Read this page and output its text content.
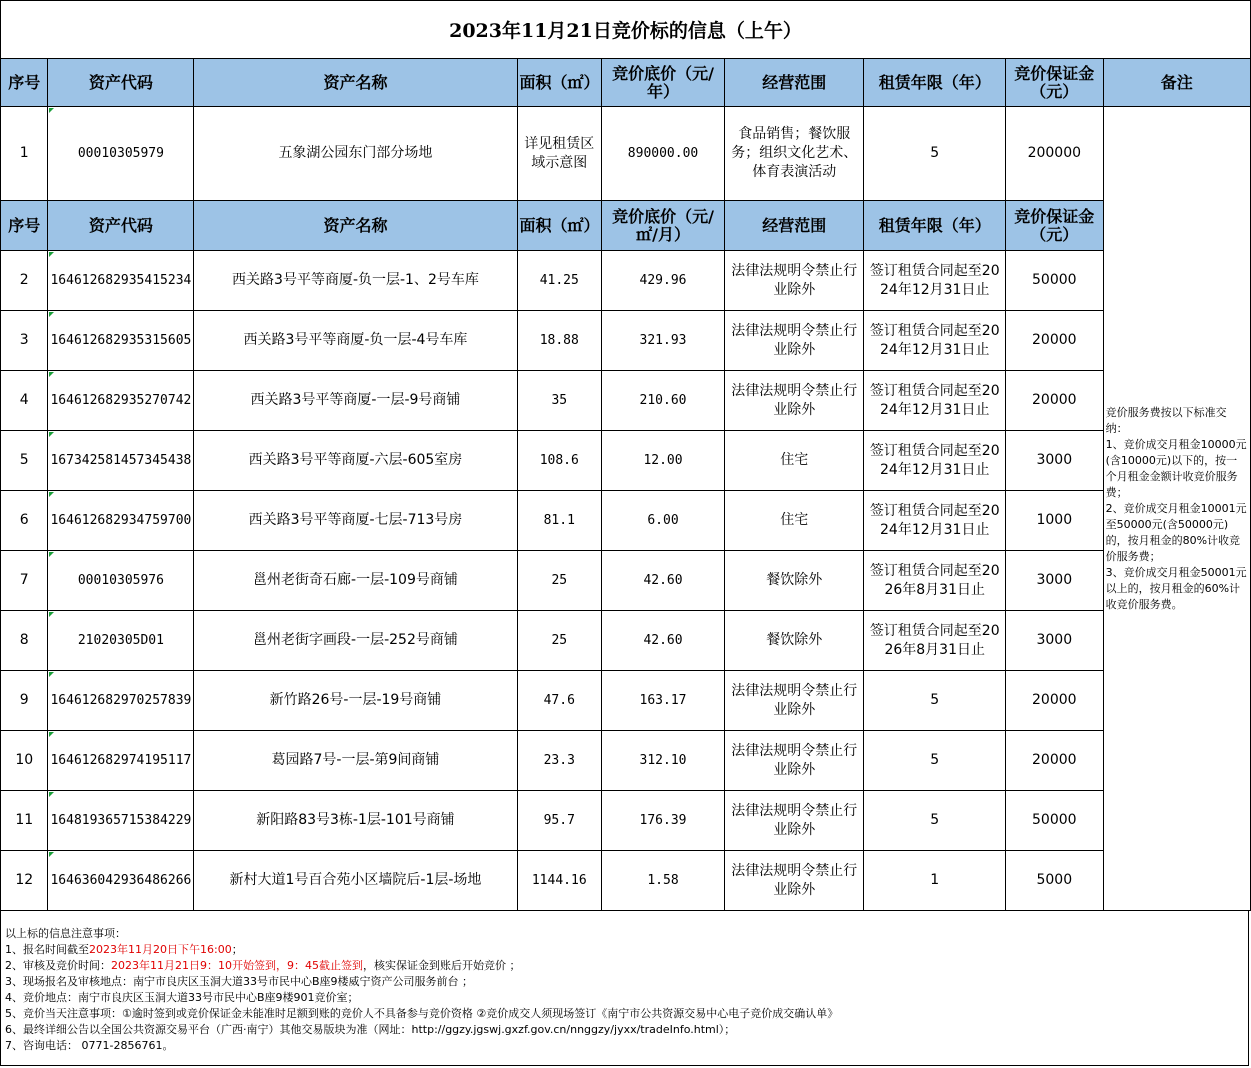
2023年11月21日竞价标的信息（上午）
序号	资产代码	资产名称	面积（㎡）	竞价底价（元/年）	经营范围	租赁年限（年）	竞价保证金（元）	备注
1	00010305979	五象湖公园东门部分场地	详见租赁区域示意图	890000.00	食品销售；餐饮服务；组织文化艺术、体育表演活动	5	200000	竞价服务费按以下标准交纳：
1、竞价成交月租金10000元(含10000元)以下的，按一个月租金金额计收竞价服务费；
2、竞价成交月租金10001元至50000元(含50000元)的，按月租金的80%计收竞价服务费；
3、竞价成交月租金50001元以上的，按月租金的60%计收竞价服务费。

序号	资产代码	资产名称	面积（㎡）	竞价底价（元/㎡/月）	经营范围	租赁年限（年）	竞价保证金（元）	
2	164612682935415234	西关路3号平等商厦-负一层-1、2号车库	41.25	429.96	法律法规明令禁止行业除外	签订租赁合同起至2024年12月31日止	50000	
3	164612682935315605	西关路3号平等商厦-负一层-4号车库	18.88	321.93	法律法规明令禁止行业除外	签订租赁合同起至2024年12月31日止	20000	
4	164612682935270742	西关路3号平等商厦-一层-9号商铺	35	210.60	法律法规明令禁止行业除外	签订租赁合同起至2024年12月31日止	20000	
5	167342581457345438	西关路3号平等商厦-六层-605室房	108.6	12.00	住宅	签订租赁合同起至2024年12月31日止	3000	
6	164612682934759700	西关路3号平等商厦-七层-713号房	81.1	6.00	住宅	签订租赁合同起至2024年12月31日止	1000	
7	00010305976	邕州老街奇石廊-一层-109号商铺	25	42.60	餐饮除外	签订租赁合同起至2026年8月31日止	3000	
8	21020305D01	邕州老街字画段-一层-252号商铺	25	42.60	餐饮除外	签订租赁合同起至2026年8月31日止	3000	
9	164612682970257839	新竹路26号-一层-19号商铺	47.6	163.17	法律法规明令禁止行业除外	5	20000	
10	164612682974195117	葛园路7号-一层-第9间商铺	23.3	312.10	法律法规明令禁止行业除外	5	20000	
11	164819365715384229	新阳路83号3栋-1层-101号商铺	95.7	176.39	法律法规明令禁止行业除外	5	50000	
12	164636042936486266	新村大道1号百合苑小区墙院后-1层-场地	1144.16	1.58	法律法规明令禁止行业除外	1	5000	
以上标的信息注意事项：
1、报名时间截至2023年11月20日下午16:00；
2、审核及竞价时间：2023年11月21日9：10开始签到，9：45截止签到，核实保证金到账后开始竞价 ；
3、现场报名及审核地点：南宁市良庆区玉洞大道33号市民中心B座9楼威宁资产公司服务前台 ；
4、竞价地点：南宁市良庆区玉洞大道33号市民中心B座9楼901竞价室；
5、竞价当天注意事项：①逾时签到或竞价保证金未能准时足额到账的竞价人不具备参与竞价资格 ②竞价成交人须现场签订《南宁市公共资源交易中心电子竞价成交确认单》
6、最终详细公告以全国公共资源交易平台（广西·南宁）其他交易版块为准（网址：http://ggzy.jgswj.gxzf.gov.cn/nnggzy/jyxx/tradeInfo.html）；
7、咨询电话： 0771-2856761。
